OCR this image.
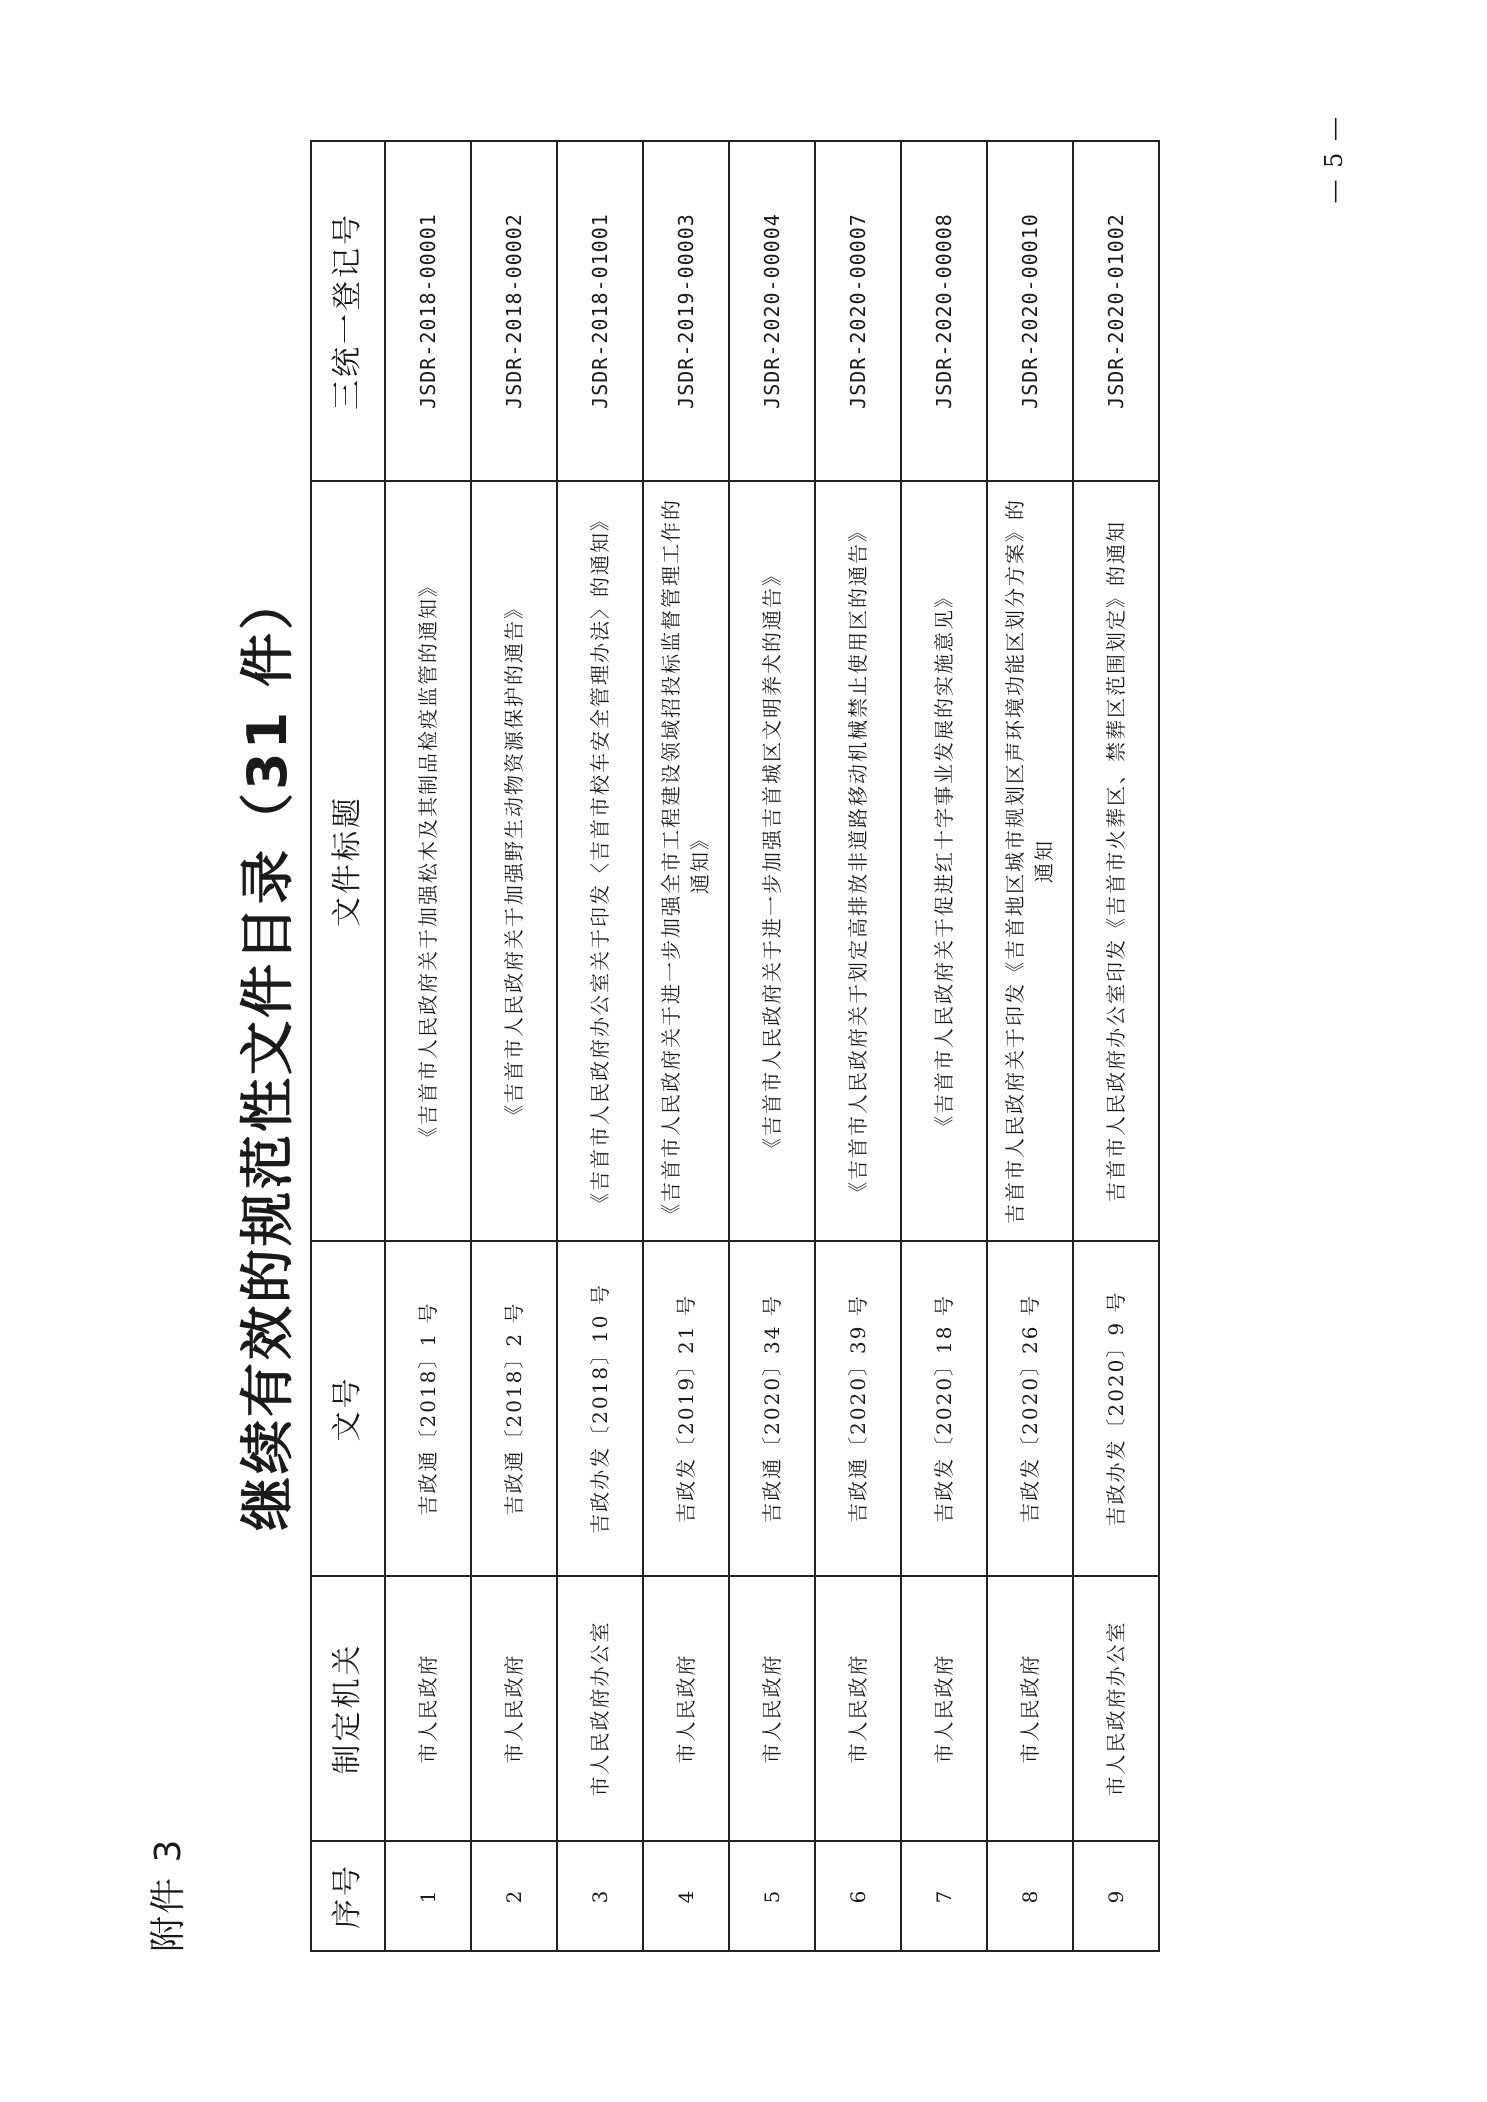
附件 3
继续有效的规范性文件目录（31 件）
序号	制定机关	文号	文件标题	三统一登记号
1	市人民政府	吉政通〔2018〕1 号	《吉首市人民政府关于加强松木及其制品检疫监管的通知》	JSDR-2018-00001
2	市人民政府	吉政通〔2018〕2 号	《吉首市人民政府关于加强野生动物资源保护的通告》	JSDR-2018-00002
3	市人民政府办公室	吉政办发〔2018〕10 号	《吉首市人民政府办公室关于印发〈吉首市校车安全管理办法〉的通知》	JSDR-2018-01001
4	市人民政府	吉政发〔2019〕21 号	《吉首市人民政府关于进一步加强全市工程建设领域招投标监督管理工作的通知》	JSDR-2019-00003
5	市人民政府	吉政通〔2020〕34 号	《吉首市人民政府关于进一步加强吉首城区文明养犬的通告》	JSDR-2020-00004
6	市人民政府	吉政通〔2020〕39 号	《吉首市人民政府关于划定高排放非道路移动机械禁止使用区的通告》	JSDR-2020-00007
7	市人民政府	吉政发〔2020〕18 号	《吉首市人民政府关于促进红十字事业发展的实施意见》	JSDR-2020-00008
8	市人民政府	吉政发〔2020〕26 号	吉首市人民政府关于印发《吉首地区城市规划区声环境功能区划分方案》的通知	JSDR-2020-00010
9	市人民政府办公室	吉政办发〔2020〕9 号	吉首市人民政府办公室印发《吉首市火葬区、禁葬区范围划定》的通知	JSDR-2020-01002
— 5 —
